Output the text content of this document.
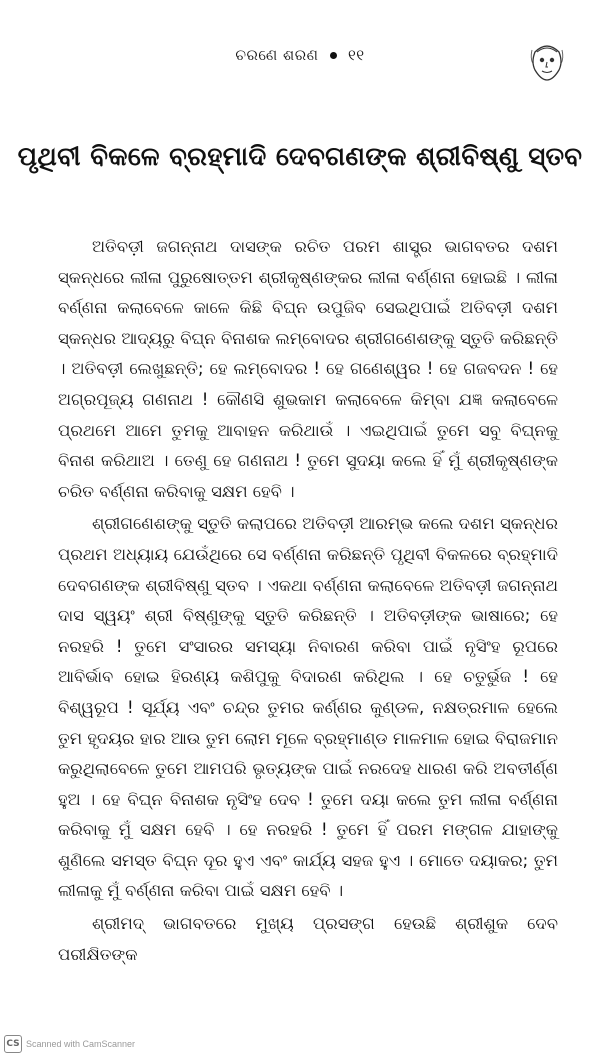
ଚରଣେ ଶରଣ ୧୧
ପୃଥିବୀ ବିକଳେ ବ୍ରହ୍ମାଦି ଦେବଗଣଙ୍କ ଶ୍ରୀବିଷ୍ଣୁ ସ୍ତବ

ଅତିବଡ଼ୀ ଜଗନ୍ନାଥ ଦାସଙ୍କ ରଚିତ ପରମ ଶାସ୍ତ୍ର ଭାଗବତର ଦଶମ ସ୍କନ୍ଧରେ ଲୀଳା ପୁରୁଷୋତ୍ତମ ଶ୍ରୀକୃଷ୍ଣଙ୍କର ଲୀଳା ବର୍ଣ୍ଣନା ହୋଇଛି । ଲୀଳା ବର୍ଣ୍ଣନା କଲାବେଳେ କାଳେ କିଛି ବିଘ୍ନ ଉପୁଜିବ ସେଇଥିପାଇଁ ଅତିବଡ଼ୀ ଦଶମ ସ୍କନ୍ଧର ଆଦ୍ୟରୁ ବିଘ୍ନ ବିନାଶକ ଲମ୍ବୋଦର ଶ୍ରୀଗଣେଶଙ୍କୁ ସ୍ତୁତି କରିଛନ୍ତି । ଅତିବଡ଼ୀ ଲେଖୁଛନ୍ତି; ହେ ଲମ୍ବୋଦର ! ହେ ଗଣେଶ୍ୱର ! ହେ ଗଜବଦନ ! ହେ ଅଗ୍ରପୂଜ୍ୟ ଗଣନାଥ ! କୌଣସି ଶୁଭକାମ କଲାବେଳେ କିମ୍ବା ଯଜ୍ଞ କଲାବେଳେ ପ୍ରଥମେ ଆମେ ତୁମକୁ ଆବାହନ କରିଥାଉଁ । ଏଇଥିପାଇଁ ତୁମେ ସବୁ ବିଘ୍ନକୁ ବିନାଶ କରିଥାଅ । ତେଣୁ ହେ ଗଣନାଥ ! ତୁମେ ସୁଦୟା କଲେ ହିଁ ମୁଁ ଶ୍ରୀକୃଷ୍ଣଙ୍କ ଚରିତ ବର୍ଣ୍ଣନା କରିବାକୁ ସକ୍ଷମ ହେବି ।

ଶ୍ରୀଗଣେଶଙ୍କୁ ସ୍ତୁତି କଲାପରେ ଅତିବଡ଼ୀ ଆରମ୍ଭ କଲେ ଦଶମ ସ୍କନ୍ଧର ପ୍ରଥମ ଅଧ୍ୟାୟ ଯେଉଁଥିରେ ସେ ବର୍ଣ୍ଣନା କରିଛନ୍ତି ପୃଥିବୀ ବିକଳରେ ବ୍ରହ୍ମାଦି ଦେବଗଣଙ୍କ ଶ୍ରୀବିଷ୍ଣୁ ସ୍ତବ । ଏକଥା ବର୍ଣ୍ଣନା କଲାବେଳେ ଅତିବଡ଼ୀ ଜଗନ୍ନାଥ ଦାସ ସ୍ୱୟଂ ଶ୍ରୀ ବିଷ୍ଣୁଙ୍କୁ ସ୍ତୁତି କରିଛନ୍ତି । ଅତିବଡ଼ୀଙ୍କ ଭାଷାରେ; ହେ ନରହରି ! ତୁମେ ସଂସାରର ସମସ୍ୟା ନିବାରଣ କରିବା ପାଇଁ ନୃସିଂହ ରୂପରେ ଆବିର୍ଭାବ ହୋଇ ହିରଣ୍ୟ କଶିପୁକୁ ବିଦାରଣ କରିଥିଲ । ହେ ଚତୁର୍ଭୁଜ ! ହେ ବିଶ୍ୱରୂପ ! ସୂର୍ଯ୍ୟ ଏବଂ ଚନ୍ଦ୍ର ତୁମର କର୍ଣ୍ଣର କୁଣ୍ଡଳ, ନକ୍ଷତ୍ରମାଳ ହେଲେ ତୁମ ହୃଦୟର ହାର ଆଉ ତୁମ ଲୋମ ମୂଳେ ବ୍ରହ୍ମାଣ୍ଡ ମାଳମାଳ ହୋଇ ବିରାଜମାନ କରୁଥିଲାବେଳେ ତୁମେ ଆମପରି ଭୃତ୍ୟଙ୍କ ପାଇଁ ନରଦେହ ଧାରଣ କରି ଅବତୀର୍ଣ୍ଣ ହୁଅ । ହେ ବିଘ୍ନ ବିନାଶକ ନୃସିଂହ ଦେବ ! ତୁମେ ଦୟା କଲେ ତୁମ ଲୀଳା ବର୍ଣ୍ଣନା କରିବାକୁ ମୁଁ ସକ୍ଷମ ହେବି । ହେ ନରହରି ! ତୁମେ ହିଁ ପରମ ମଙ୍ଗଳ ଯାହାଙ୍କୁ ଶୁଣିଲେ ସମସ୍ତ ବିଘ୍ନ ଦୂର ହୁଏ ଏବଂ କାର୍ଯ୍ୟ ସହଜ ହୁଏ । ମୋତେ ଦୟାକର; ତୁମ ଲୀଳାକୁ ମୁଁ ବର୍ଣ୍ଣନା କରିବା ପାଇଁ ସକ୍ଷମ ହେବି ।

ଶ୍ରୀମଦ୍ ଭାଗବତରେ ମୁଖ୍ୟ ପ୍ରସଙ୍ଗ ହେଉଛି ଶ୍ରୀଶୁକ ଦେବ ପରୀକ୍ଷିତଙ୍କ

CS Scanned with CamScanner
